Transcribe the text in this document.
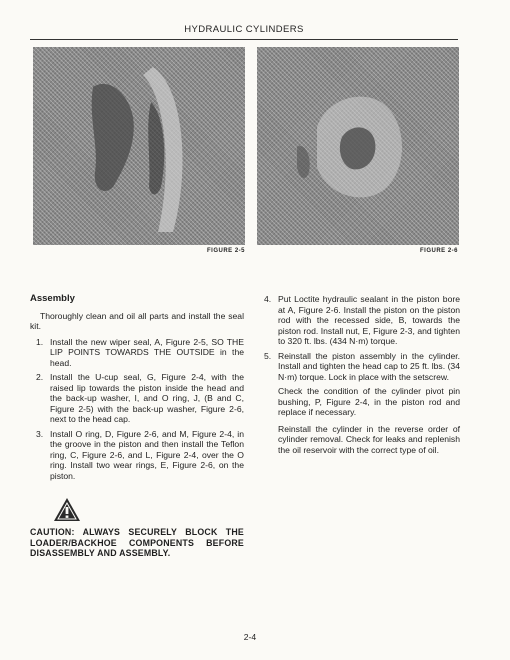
HYDRAULIC CYLINDERS
FIGURE 2-5	FIGURE 2-6
Assembly
Thoroughly clean and oil all parts and install the seal kit.
1. Install the new wiper seal, A, Figure 2-5, SO THE LIP POINTS TOWARDS THE OUTSIDE in the head.
2. Install the U-cup seal, G, Figure 2-4, with the raised lip towards the piston inside the head and the back-up washer, I, and O ring, J, (B and C, Figure 2-5) with the back-up washer, Figure 2-6, next to the head cap.
3. Install O ring, D, Figure 2-6, and M, Figure 2-4, in the groove in the piston and then install the Teflon ring, C, Figure 2-6, and L, Figure 2-4, over the O ring. Install two wear rings, E, Figure 2-6, on the piston.
4. Put Loctite hydraulic sealant in the piston bore at A, Figure 2-6. Install the piston on the piston rod with the recessed side, B, towards the piston rod. Install nut, E, Figure 2-3, and tighten to 320 ft. lbs. (434 N·m) torque.
5. Reinstall the piston assembly in the cylinder. Install and tighten the head cap to 25 ft. lbs. (34 N·m) torque. Lock in place with the setscrew.
Check the condition of the cylinder pivot pin bushing, P, Figure 2-4, in the piston rod and replace if necessary.
Reinstall the cylinder in the reverse order of cylinder removal. Check for leaks and replenish the oil reservoir with the correct type of oil.
CAUTION: ALWAYS SECURELY BLOCK THE LOADER/BACKHOE COMPONENTS BEFORE DISASSEMBLY AND ASSEMBLY.
2-4
